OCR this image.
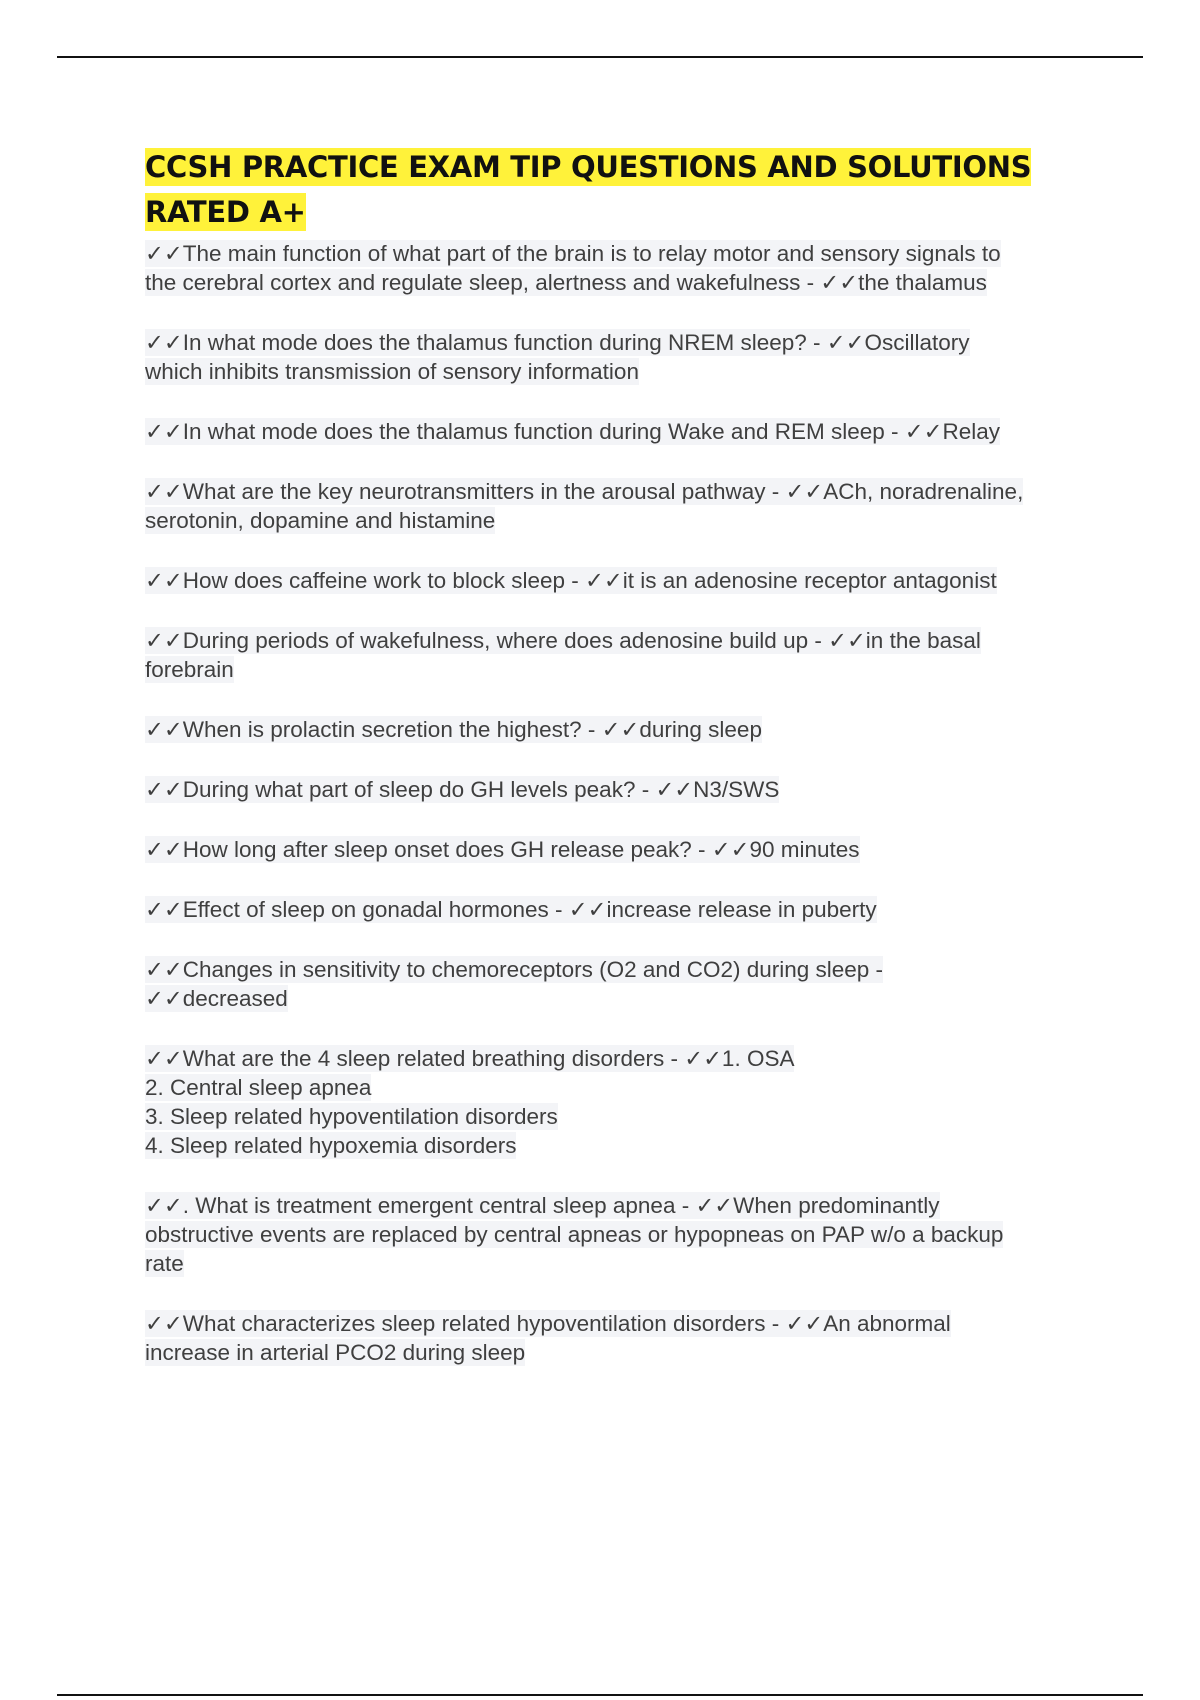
CCSH PRACTICE EXAM TIP QUESTIONS AND SOLUTIONS RATED A+
✓✓The main function of what part of the brain is to relay motor and sensory signals to
the cerebral cortex and regulate sleep, alertness and wakefulness - ✓✓the thalamus
✓✓In what mode does the thalamus function during NREM sleep? - ✓✓Oscillatory
which inhibits transmission of sensory information
✓✓In what mode does the thalamus function during Wake and REM sleep - ✓✓Relay
✓✓What are the key neurotransmitters in the arousal pathway - ✓✓ACh, noradrenaline,
serotonin, dopamine and histamine
✓✓How does caffeine work to block sleep - ✓✓it is an adenosine receptor antagonist
✓✓During periods of wakefulness, where does adenosine build up - ✓✓in the basal
forebrain
✓✓When is prolactin secretion the highest? - ✓✓during sleep
✓✓During what part of sleep do GH levels peak? - ✓✓N3/SWS
✓✓How long after sleep onset does GH release peak? - ✓✓90 minutes
✓✓Effect of sleep on gonadal hormones - ✓✓increase release in puberty
✓✓Changes in sensitivity to chemoreceptors (O2 and CO2) during sleep -
✓✓decreased
✓✓What are the 4 sleep related breathing disorders - ✓✓1. OSA
2. Central sleep apnea
3. Sleep related hypoventilation disorders
4. Sleep related hypoxemia disorders
✓✓. What is treatment emergent central sleep apnea - ✓✓When predominantly
obstructive events are replaced by central apneas or hypopneas on PAP w/o a backup
rate
✓✓What characterizes sleep related hypoventilation disorders - ✓✓An abnormal
increase in arterial PCO2 during sleep
